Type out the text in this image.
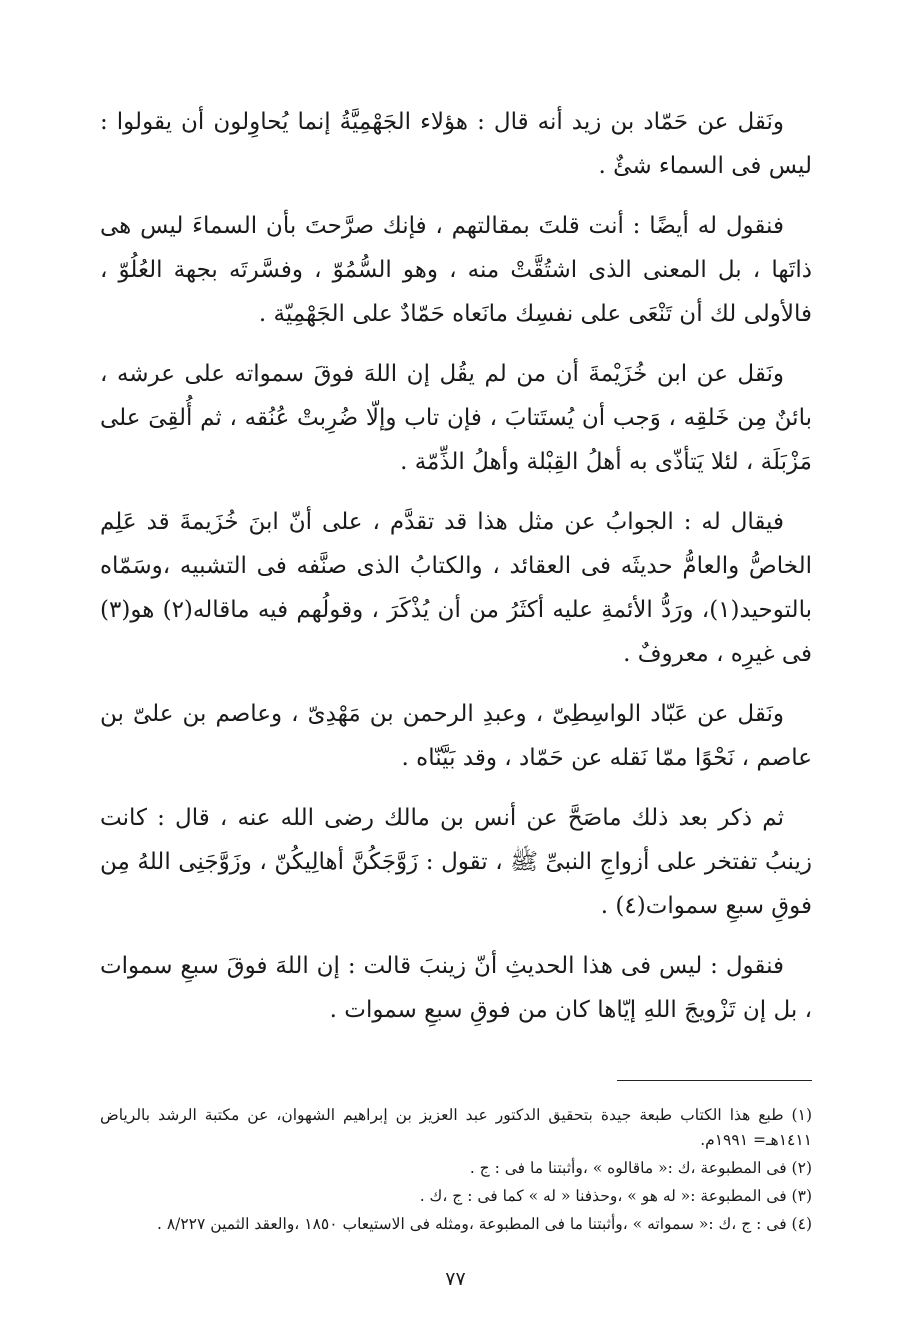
ونَقل عن حَمّاد بن زيد أنه قال : هؤلاء الجَهْمِيَّةُ إنما يُحاوِلون أن يقولوا : ليس فى السماء شئٌ .

فنقول له أيضًا : أنت قلتَ بمقالتهم ، فإنك صرَّحتَ بأن السماءَ ليس هى ذاتَها ، بل المعنى الذى اشتُقَّتْ منه ، وهو السُّمُوّ ، وفسَّرتَه بجهة العُلُوّ ، فالأولى لك أن تَنْعَى على نفسِك مانَعاه حَمّادٌ على الجَهْمِيّة .

ونَقل عن ابن خُزَيْمةَ أن من لم يقُل إن اللهَ فوقَ سمواته على عرشه ، بائنٌ مِن خَلقِه ، وَجب أن يُستَتابَ ، فإن تاب وإلّا ضُرِبتْ عُنُقه ، ثم أُلقِىَ على مَزْبَلَة ، لئلا يَتأذّى به أهلُ القِبْلة وأهلُ الذِّمّة .

فيقال له : الجوابُ عن مثل هذا قد تقدَّم ، على أنّ ابنَ خُزَيمةَ قد عَلِم الخاصُّ والعامُّ حديثَه فى العقائد ، والكتابُ الذى صنَّفه فى التشبيه ،وسَمّاه بالتوحيد(١)، ورَدُّ الأئمةِ عليه أكثَرُ من أن يُذْكَرَ ، وقولُهم فيه ماقاله(٢) هو(٣) فى غيرِه ، معروفٌ .

ونَقل عن عَبّاد الواسِطِىّ ، وعبدِ الرحمن بن مَهْدِىّ ، وعاصم بن علىّ بن عاصم ، نَحْوًا ممّا نَقله عن حَمّاد ، وقد بَيَّنّاه .

ثم ذكر بعد ذلك ماصَحَّ عن أنس بن مالك رضى الله عنه ، قال : كانت زينبُ تفتخر على أزواجِ النبىِّ ﷺ ، تقول : زَوَّجَكُنَّ أهالِيكُنّ ، وزَوَّجَنِى اللهُ مِن فوقِ سبعِ سموات(٤) .

فنقول : ليس فى هذا الحديثِ أنّ زينبَ قالت : إن اللهَ فوقَ سبعِ سموات ، بل إن تَزْويجَ اللهِ إيّاها كان من فوقِ سبعِ سموات .

(١) طبع هذا الكتاب طبعة جيدة بتحقيق الدكتور عبد العزيز بن إبراهيم الشهوان، عن مكتبة الرشد بالرياض ١٤١١هـ= ١٩٩١م.

(٢) فى المطبوعة ،ك :« ماقالوه » ،وأثبتنا ما فى : ج .

(٣) فى المطبوعة :« له هو » ،وحذفنا « له » كما فى : ج ،ك .

(٤) فى : ج ،ك :« سمواته » ،وأثبتنا ما فى المطبوعة ،ومثله فى الاستيعاب ١٨٥٠ ،والعقد الثمين ٨/٢٢٧ .

٧٧
